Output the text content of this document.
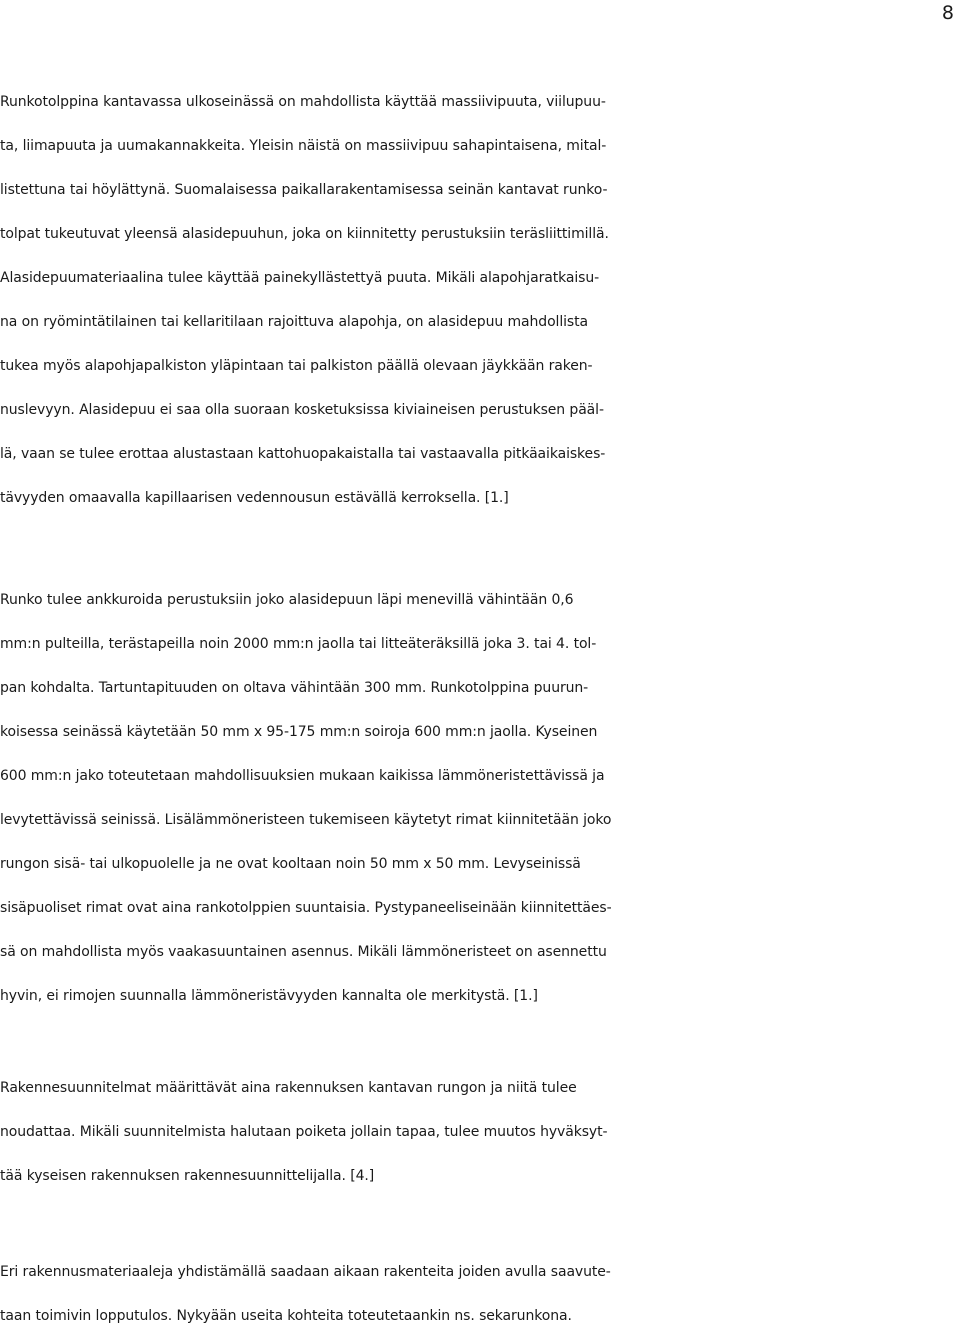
8
Runkotolppina kantavassa ulkoseinässä on mahdollista käyttää massiivipuuta, viilupuu-
ta, liimapuuta ja uumakannakkeita. Yleisin näistä on massiivipuu sahapintaisena, mital-
listettuna tai höylättynä. Suomalaisessa paikallarakentamisessa seinän kantavat runko-
tolpat tukeutuvat yleensä alasidepuuhun, joka on kiinnitetty perustuksiin teräsliittimillä.
Alasidepuumateriaalina tulee käyttää painekyllästettyä puuta. Mikäli alapohjaratkaisu-
na on ryömintätilainen tai kellaritilaan rajoittuva alapohja, on alasidepuu mahdollista
tukea myös alapohjapalkiston yläpintaan tai palkiston päällä olevaan jäykkään raken-
nuslevyyn. Alasidepuu ei saa olla suoraan kosketuksissa kiviaineisen perustuksen pääl-
lä, vaan se tulee erottaa alustastaan kattohuopakaistalla tai vastaavalla pitkäaikaiskes-
tävyyden omaavalla kapillaarisen vedennousun estävällä kerroksella. [1.]
Runko tulee ankkuroida perustuksiin joko alasidepuun läpi menevillä vähintään 0,6
mm:n pulteilla, terästapeilla noin 2000 mm:n jaolla tai litteäteräksillä joka 3. tai 4. tol-
pan kohdalta. Tartuntapituuden on oltava vähintään 300 mm. Runkotolppina puurun-
koisessa seinässä käytetään 50 mm x 95-175 mm:n soiroja 600 mm:n jaolla. Kyseinen
600 mm:n jako toteutetaan mahdollisuuksien mukaan kaikissa lämmöneristettävissä ja
levytettävissä seinissä. Lisälämmöneristeen tukemiseen käytetyt rimat kiinnitetään joko
rungon sisä- tai ulkopuolelle ja ne ovat kooltaan noin 50 mm x 50 mm. Levyseinissä
sisäpuoliset rimat ovat aina rankotolppien suuntaisia. Pystypaneeliseinään kiinnitettäes-
sä on mahdollista myös vaakasuuntainen asennus. Mikäli lämmöneristeet on asennettu
hyvin, ei rimojen suunnalla lämmöneristävyyden kannalta ole merkitystä. [1.]
Rakennesuunnitelmat määrittävät aina rakennuksen kantavan rungon ja niitä tulee
noudattaa. Mikäli suunnitelmista halutaan poiketa jollain tapaa, tulee muutos hyväksyt-
tää kyseisen rakennuksen rakennesuunnittelijalla. [4.]
Eri rakennusmateriaaleja yhdistämällä saadaan aikaan rakenteita joiden avulla saavute-
taan toimivin lopputulos. Nykyään useita kohteita toteutetaankin ns. sekarunkona.
